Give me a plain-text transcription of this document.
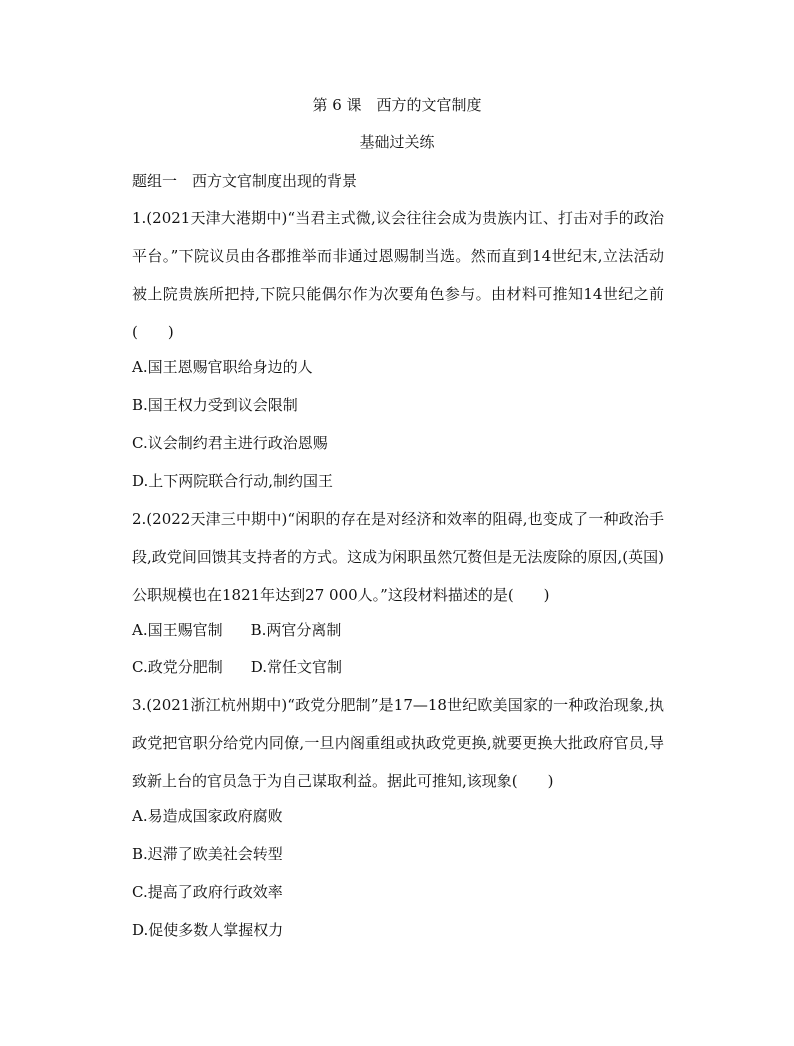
第 6 课　西方的文官制度
基础过关练
题组一　西方文官制度出现的背景
1.(2021天津大港期中)“当君主式微,议会往往会成为贵族内讧、打击对手的政治平台。”下院议员由各郡推举而非通过恩赐制当选。然而直到14世纪末,立法活动被上院贵族所把持,下院只能偶尔作为次要角色参与。由材料可推知14世纪之前(　　)
A.国王恩赐官职给身边的人
B.国王权力受到议会限制
C.议会制约君主进行政治恩赐
D.上下两院联合行动,制约国王
2.(2022天津三中期中)“闲职的存在是对经济和效率的阻碍,也变成了一种政治手段,政党间回馈其支持者的方式。这成为闲职虽然冗赘但是无法废除的原因,(英国)公职规模也在1821年达到27 000人。”这段材料描述的是(　　)
A.国王赐官制 B.两官分离制
C.政党分肥制 D.常任文官制
3.(2021浙江杭州期中)“政党分肥制”是17—18世纪欧美国家的一种政治现象,执政党把官职分给党内同僚,一旦内阁重组或执政党更换,就要更换大批政府官员,导致新上台的官员急于为自己谋取利益。据此可推知,该现象(　　)
A.易造成国家政府腐败
B.迟滞了欧美社会转型
C.提高了政府行政效率
D.促使多数人掌握权力
